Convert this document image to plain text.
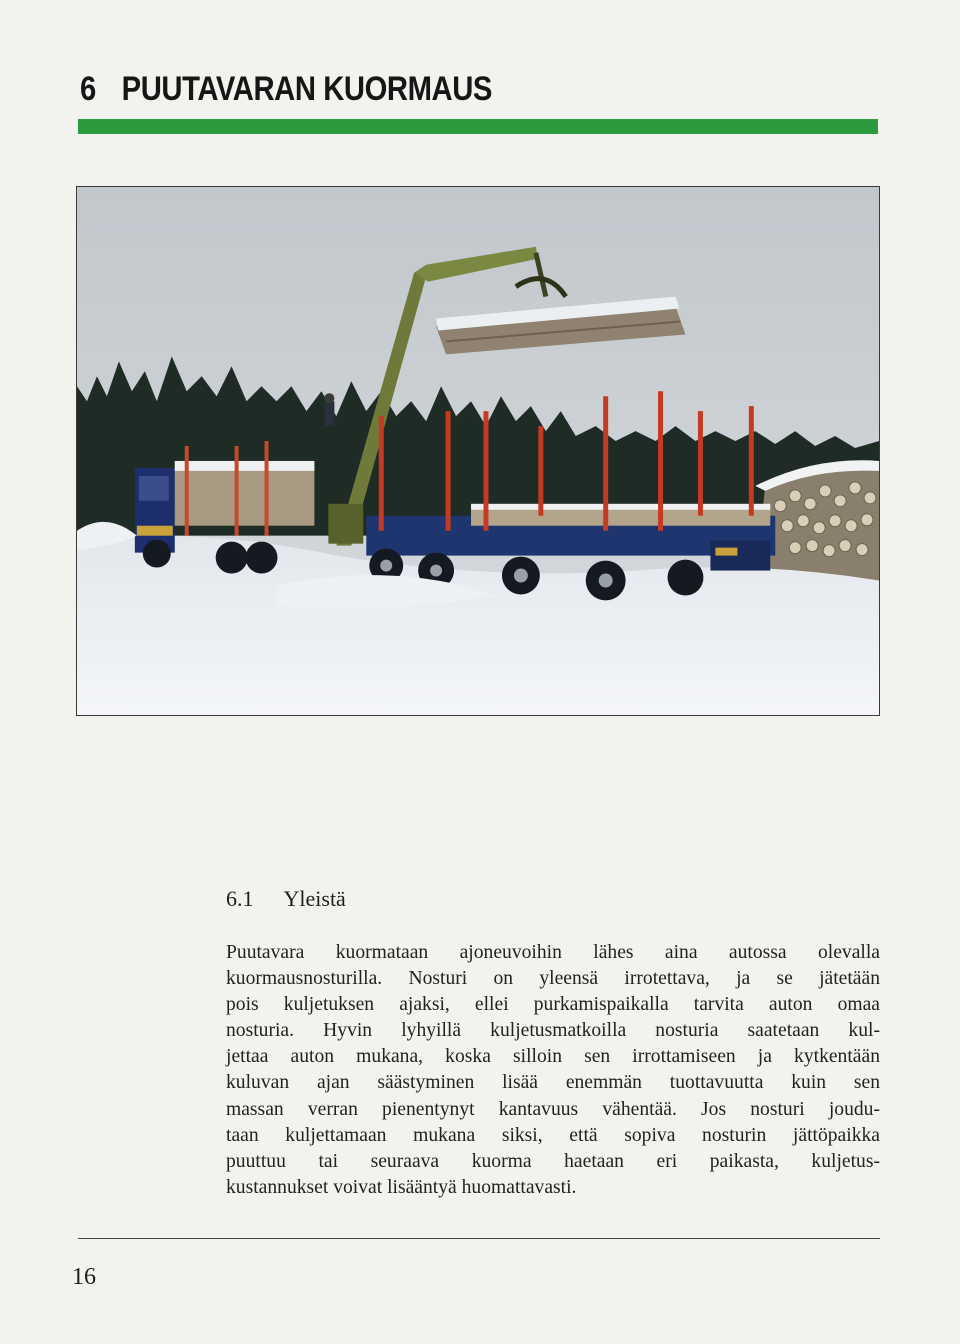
6 PUUTAVARAN KUORMAUS
6.1 Yleistä
Puutavara kuormataan ajoneuvoihin lähes aina autossa olevalla
kuormausnosturilla. Nosturi on yleensä irrotettava, ja se jätetään
pois kuljetuksen ajaksi, ellei purkamispaikalla tarvita auton omaa
nosturia. Hyvin lyhyillä kuljetusmatkoilla nosturia saatetaan kul-
jettaa auton mukana, koska silloin sen irrottamiseen ja kytkentään
kuluvan ajan säästyminen lisää enemmän tuottavuutta kuin sen
massan verran pienentynyt kantavuus vähentää. Jos nosturi joudu-
taan kuljettamaan mukana siksi, että sopiva nosturin jättöpaikka
puuttuu tai seuraava kuorma haetaan eri paikasta, kuljetus-
kustannukset voivat lisääntyä huomattavasti.
16
